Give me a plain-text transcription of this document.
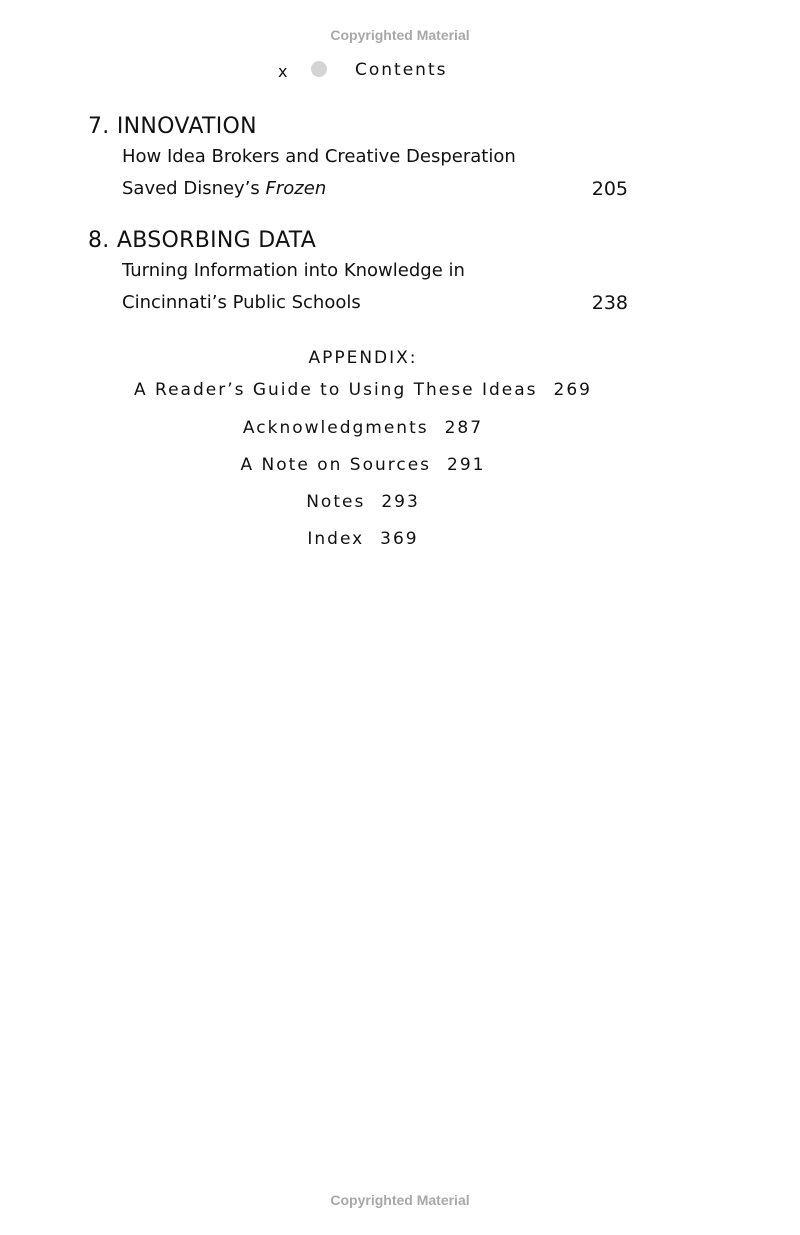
Copyrighted Material
x	Contents
7. INNOVATION
How Idea Brokers and Creative Desperation
Saved Disney’s Frozen	205
8. ABSORBING DATA
Turning Information into Knowledge in
Cincinnati’s Public Schools	238
APPENDIX:
A Reader’s Guide to Using These Ideas 269
Acknowledgments 287
A Note on Sources 291
Notes 293
Index 369
Copyrighted Material
